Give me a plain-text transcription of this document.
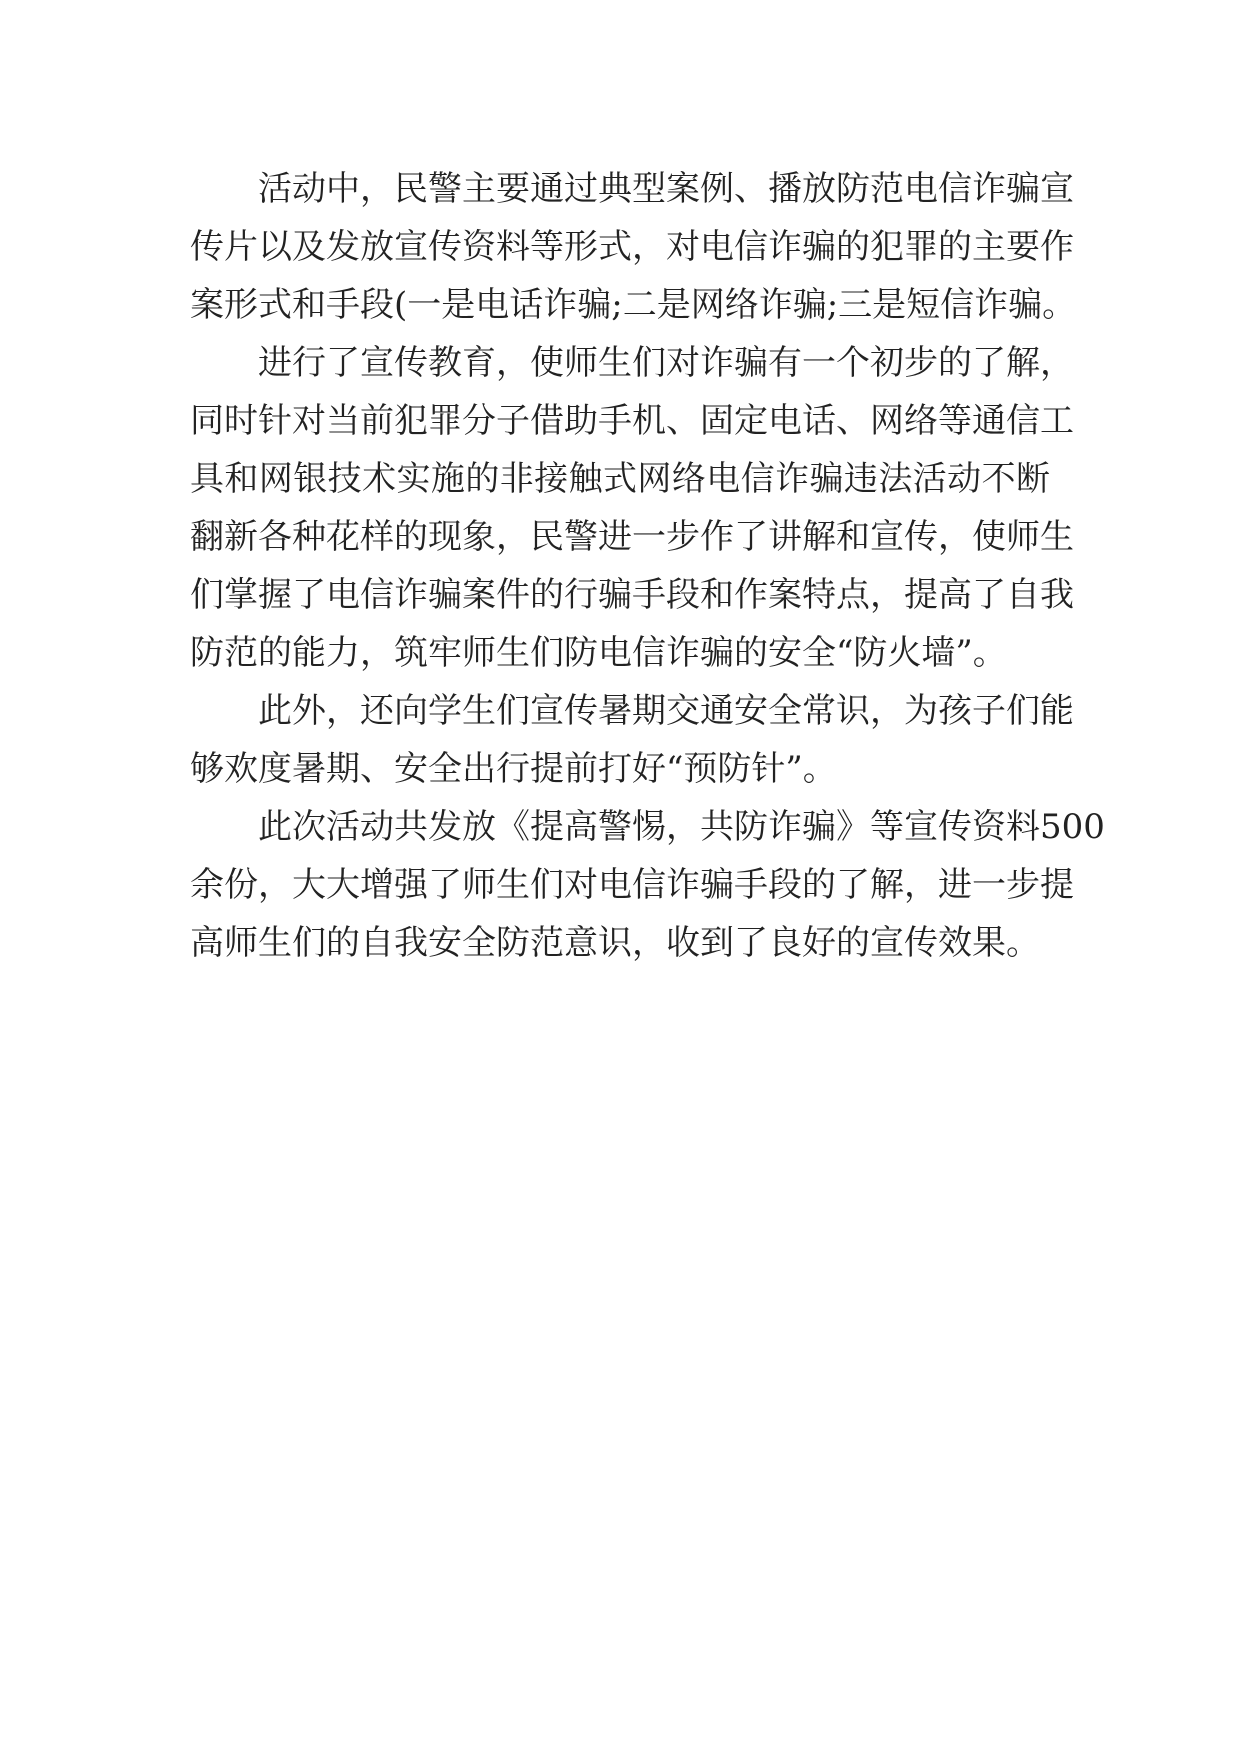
活动中，民警主要通过典型案例、播放防范电信诈骗宣
传片以及发放宣传资料等形式，对电信诈骗的犯罪的主要作
案形式和手段(一是电话诈骗;二是网络诈骗;三是短信诈骗。
进行了宣传教育，使师生们对诈骗有一个初步的了解，
同时针对当前犯罪分子借助手机、固定电话、网络等通信工
具和网银技术实施的非接触式网络电信诈骗违法活动不断
翻新各种花样的现象，民警进一步作了讲解和宣传，使师生
们掌握了电信诈骗案件的行骗手段和作案特点，提高了自我
防范的能力，筑牢师生们防电信诈骗的安全“防火墙”。
此外，还向学生们宣传暑期交通安全常识，为孩子们能
够欢度暑期、安全出行提前打好“预防针”。
此次活动共发放《提高警惕，共防诈骗》等宣传资料500
余份，大大增强了师生们对电信诈骗手段的了解，进一步提
高师生们的自我安全防范意识，收到了良好的宣传效果。
